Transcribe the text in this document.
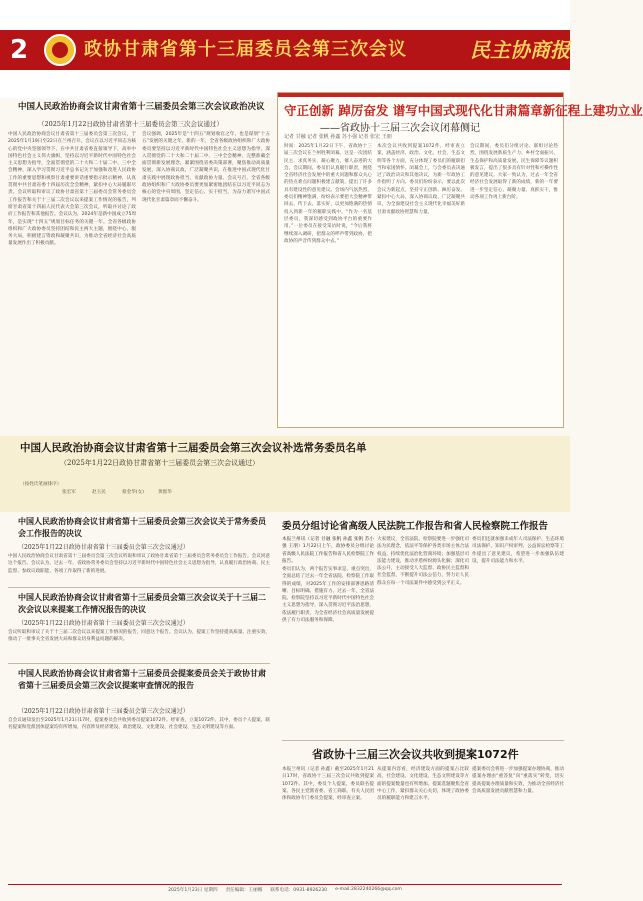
2	政协甘肃省第十三届委员会第三次会议	民主协商报
中国人民政治协商会议甘肃省第十三届委员会第三次会议政治决议
（2025年1月22日政协甘肃省第十三届委员会第三次会议通过）
中国人民政治协商会议甘肃省第十三届委员会第三次会议，于2025年1月19日至22日在兰州召开。会议在以习近平同志为核心的党中央坚强领导下，在中共甘肃省委直接领导下，高举中国特色社会主义伟大旗帜，坚持以习近平新时代中国特色社会主义思想为指导，全面贯彻党的二十大和二十届二中、三中全会精神，深入学习贯彻习近平总书记关于加强和改进人民政协工作的重要思想和视察甘肃重要讲话重要指示批示精神，认真贯彻中共甘肃省委十四届历次全会精神，紧扣中心大局履职尽责。会议听取和审议了政协甘肃省第十三届委员会常务委员会工作报告和关于十三届二次会议以来提案工作情况的报告，列席甘肃省第十四届人民代表大会第三次会议，听取并讨论了政府工作报告和其他报告。会议认为，2024年是新中国成立75周年，是实现“十四五”规划目标任务的关键一年。全省各级政协组织和广大政协委员坚持团结和民主两大主题，围绕中心、服务大局，积极建言资政和凝聚共识，为推动全省经济社会高质量发展作出了积极贡献。
会议强调，2025年是“十四五”规划收官之年，也是谋划“十五五”发展的关键之年。新的一年，全省各级政协组织和广大政协委员要坚持以习近平新时代中国特色社会主义思想为指导，深入贯彻党的二十大和二十届二中、三中全会精神，完整准确全面贯彻新发展理念，紧紧围绕省委决策部署，聚焦推动高质量发展，深入协商议政，广泛凝聚共识，在推进中国式现代化甘肃实践中展现政协担当、贡献政协力量。会议号召，全省各级政协组织和广大政协委员要更加紧密地团结在以习近平同志为核心的党中央周围，坚定信心、实干担当，为奋力谱写中国式现代化甘肃篇章而不懈奋斗。
守正创新 踔厉奋发 谱写中国式现代化甘肃篇章新征程上建功立业
——省政协十三届三次会议闭幕侧记
记者 甘融 记者 张帆 孙鑫 苏小强 记者 张宏 王朋
时间：2025年1月22日下午，省政协十三届三次会议在兰州胜利闭幕。这是一次团结民主、求真务实、凝心聚力、催人奋进的大会。会议期间，委员们认真履行职责，围绕全省经济社会发展中的重大问题和群众关心的热点难点问题积极建言献策，提出了许多具有建设性的意见建议。会场内气氛热烈，委员们精神饱满，纷纷表示要把大会精神带回去、传下去、落实好，以更加饱满的热情投入到新一年的履职实践中。“作为一名基层委员，我深切感受到政协平台的重要作用。”一位委员在接受采访时说，“今后我将继续深入调研，把群众的呼声带到政协，把政协的声音传到群众中去。”
本次会议共收到提案1072件，经审查立案，涵盖经济、政治、文化、社会、生态文明等各个方面，充分体现了委员们的履职担当和家国情怀。闭幕会上，与会委员表决通过了政治决议和其他决议，为新一年政协工作指明了方向。委员们纷纷表示，要以此次会议为新起点，坚持守正创新、踔厉奋发，紧扣中心大局，深入协商议政，广泛凝聚共识，为全面建设社会主义现代化幸福美好新甘肃贡献政协智慧和力量。
会议期间，委员们分组讨论、联组讨论热烈，围绕发展新质生产力、乡村全面振兴、生态保护和高质量发展、民生保障等议题积极发言，提出了很多具有针对性和可操作性的意见建议。大家一致认为，过去一年全省经济社会发展取得了新的成绩，新的一年要进一步坚定信心、凝聚力量、真抓实干，推动各项工作再上新台阶。
中国人民政治协商会议甘肃省第十三届委员会第三次会议补选常务委员名单
（2025年1月22日政协甘肃省第十三届委员会第三次会议通过）
（按姓氏笔画排序）
张宏军	赵玉民	蔡金华(女)	黄群华
中国人民政治协商会议甘肃省第十三届委员会第三次会议关于常务委员会工作报告的决议
（2025年1月22日政协甘肃省第十三届委员会第三次会议通过）
中国人民政治协商会议甘肃省第十三届委员会第三次会议听取和审议了政协甘肃省第十三届委员会常务委员会工作报告。会议同意这个报告。会议认为，过去一年，省政协常务委员会坚持以习近平新时代中国特色社会主义思想为指导，认真履行政治协商、民主监督、参政议政职能，各项工作取得了新的进展。
中国人民政治协商会议甘肃省第十三届委员会第三次会议关于十三届二次会议以来提案工作情况报告的决议
（2025年1月22日政协甘肃省第十三届委员会第三次会议通过）
会议听取和审议了关于十三届二次会议以来提案工作情况的报告，同意这个报告。会议认为，提案工作坚持提高质量、注重实效，推动了一批事关全省发展大局和群众切身利益问题的解决。
中国人民政治协商会议甘肃省第十三届委员会提案委员会关于政协甘肃省第十三届委员会第三次会议提案审查情况的报告
（2025年1月22日政协甘肃省第十三届委员会第三次会议通过）
自会议通知发出至2025年1月21日17时，提案委员会共收到委员提案1072件。经审查，立案1072件。其中，委员个人提案、联名提案和党派团体提案均有所增加，内容涉及经济建设、政治建设、文化建设、社会建设、生态文明建设等方面。
委员分组讨论省高级人民法院工作报告和省人民检察院工作报告
本报兰州讯（记者 甘融 张帆 孙鑫 张帆 苏小强 王朋）1月22日上午，政协委员分组讨论省高级人民法院工作报告和省人民检察院工作报告。
委员们认为，两个报告实事求是、重点突出，全面总结了过去一年全省法院、检察院工作取得的成绩，对2025年工作的安排部署思路清晰、目标明确、措施有力。过去一年，全省法院、检察院坚持以习近平新时代中国特色社会主义思想为指导，深入贯彻习近平法治思想，依法履行职责，为全省经济社会高质量发展提供了有力司法服务和保障。
大家建议，全省法院、检察院要进一步强化司法为民理念，依法平等保护各类市场主体合法权益，持续优化法治化营商环境；加强基层司法能力建设，推动矛盾纠纷源头化解；深化司法公开，主动接受人大监督、政协民主监督和社会监督，不断提升司法公信力，努力让人民群众在每一个司法案件中感受到公平正义。
委员们还就加强未成年人司法保护、生态环境司法保护、知识产权审判、公益诉讼检察等工作提出了意见建议，希望进一步加强队伍建设，提升司法能力和水平。
省政协十三届三次会议共收到提案1072件
本报兰州讯（记者 孙鑫）截至2025年1月21日17时，省政协十三届三次会议共收到提案1072件。其中，委员个人提案、委员联名提案、各民主党派省委、省工商联、有关人民团体和政协专门委员会提案，经审查立案。
从提案内容看，经济建设方面的提案占比较高，社会建设、文化建设、生态文明建设等方面的提案数量也有所增加。提案选题聚焦全省中心工作，紧扣群众关心关切，体现了政协委员的履职能力和建言水平。
提案委员会将进一步加强提案办理协商，推动提案办理由“重答复”向“重落实”转变，切实提高提案办理质量和实效，为推动全省经济社会高质量发展贡献智慧和力量。
2025年1月23日 星期四 责任编辑：王丽娜 联系电话：0931-8926230 e-mail:2832240266@qq.com
